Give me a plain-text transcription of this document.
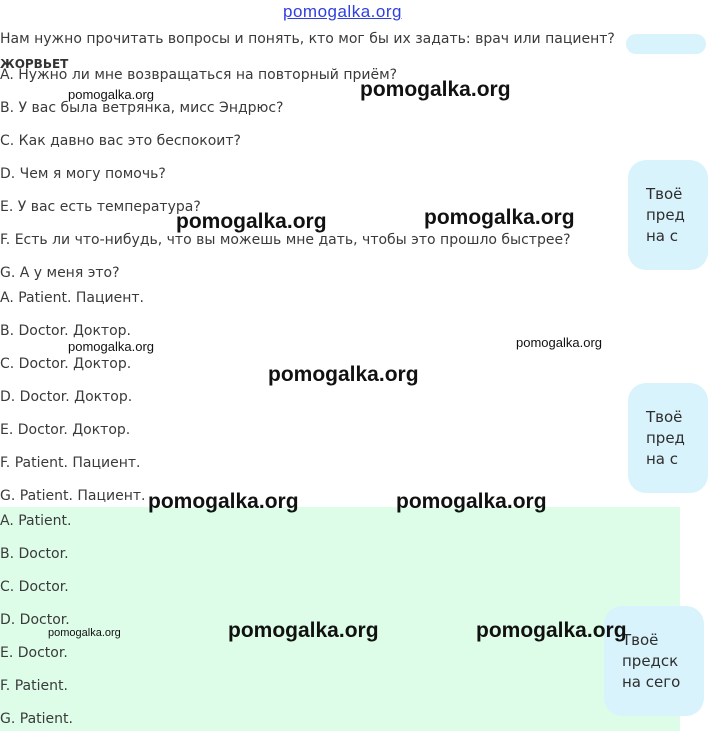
pomogalka.org
Нам нужно прочитать вопросы и понять, кто мог бы их задать: врач или пациент?
ЖОРВЬЕТ
A. Нужно ли мне возвращаться на повторный приём?
B. У вас была ветрянка, мисс Эндрюс?
C. Как давно вас это беспокоит?
D. Чем я могу помочь?
E. У вас есть температура?
F. Есть ли что-нибудь, что вы можешь мне дать, чтобы это прошло быстрее?
G. А у меня это?
A. Patient. Пациент.
B. Doctor. Доктор.
C. Doctor. Доктор.
D. Doctor. Доктор.
E. Doctor. Доктор.
F. Patient. Пациент.
G. Patient. Пациент.
A. Patient.
B. Doctor.
C. Doctor.
D. Doctor.
E. Doctor.
F. Patient.
G. Patient.
Твоё
пред
на с
Твоё
пред
на с
Твоё
предск
на сего
pomogalka.org
pomogalka.org
pomogalka.org	pomogalka.org
pomogalka.org	pomogalka.org
pomogalka.org
pomogalka.org	pomogalka.org
pomogalka.org	pomogalka.org	pomogalka.org
